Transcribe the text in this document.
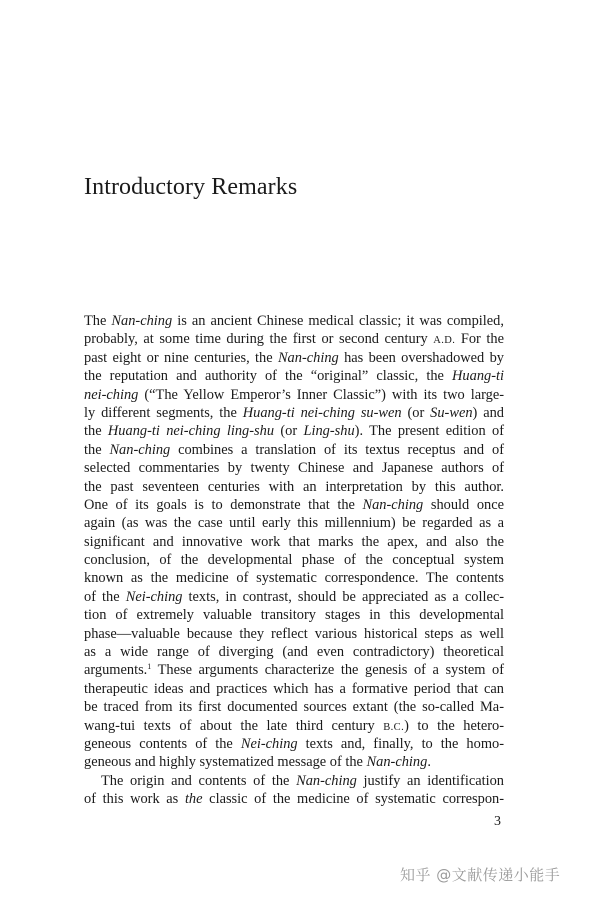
Introductory Remarks
The Nan-ching is an ancient Chinese medical classic; it was compiled,
probably, at some time during the first or second century A.D. For the
past eight or nine centuries, the Nan-ching has been overshadowed by
the reputation and authority of the “original” classic, the Huang-ti
nei-ching (“The Yellow Emperor’s Inner Classic”) with its two large-
ly different segments, the Huang-ti nei-ching su-wen (or Su-wen) and
the Huang-ti nei-ching ling-shu (or Ling-shu). The present edition of
the Nan-ching combines a translation of its textus receptus and of
selected commentaries by twenty Chinese and Japanese authors of
the past seventeen centuries with an interpretation by this author.
One of its goals is to demonstrate that the Nan-ching should once
again (as was the case until early this millennium) be regarded as a
significant and innovative work that marks the apex, and also the
conclusion, of the developmental phase of the conceptual system
known as the medicine of systematic correspondence. The contents
of the Nei-ching texts, in contrast, should be appreciated as a collec-
tion of extremely valuable transitory stages in this developmental
phase—valuable because they reflect various historical steps as well
as a wide range of diverging (and even contradictory) theoretical
arguments.$^1$ These arguments characterize the genesis of a system of
therapeutic ideas and practices which has a formative period that can
be traced from its first documented sources extant (the so-called Ma-
wang-tui texts of about the late third century B.C.) to the hetero-
geneous contents of the Nei-ching texts and, finally, to the homo-
geneous and highly systematized message of the Nan-ching.
The origin and contents of the Nan-ching justify an identification
of this work as the classic of the medicine of systematic correspon-
3
知乎 @文献传递小能手
